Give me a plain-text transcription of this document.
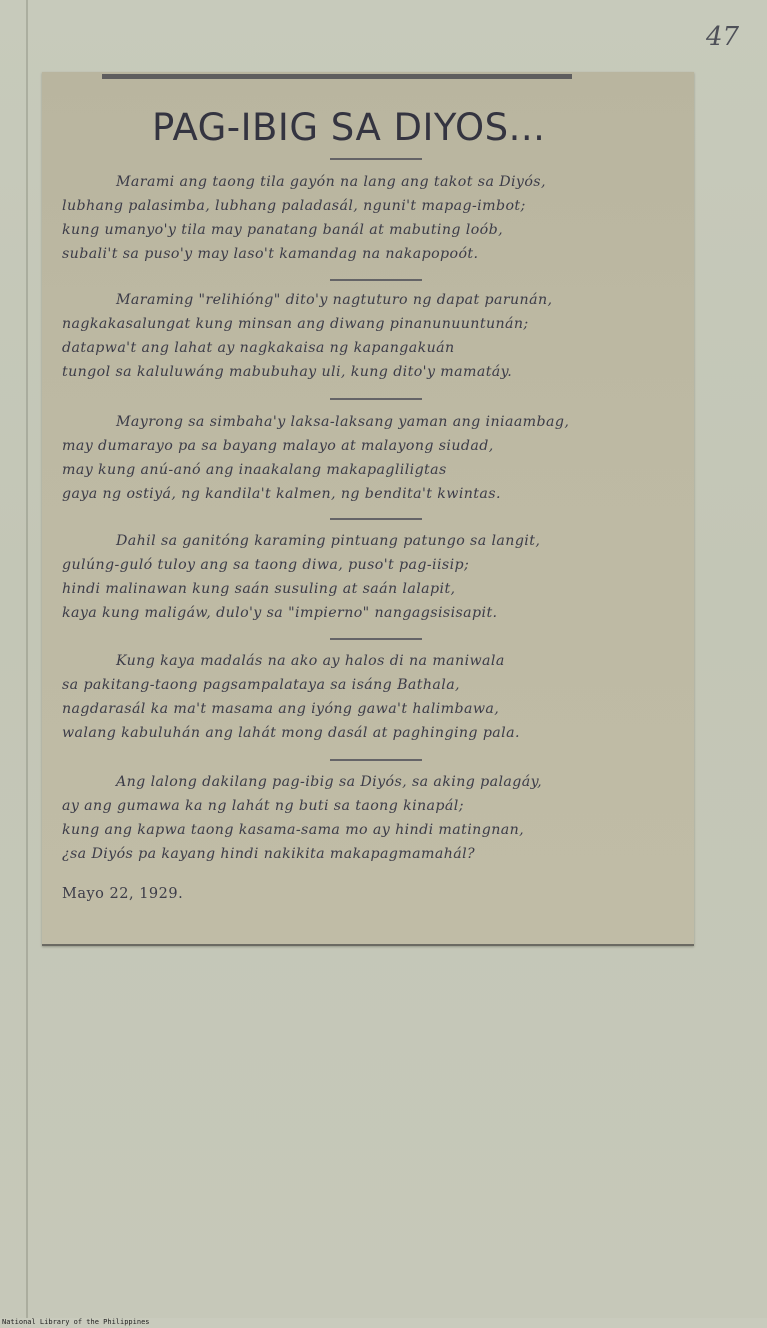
47
PAG-IBIG SA DIYOS...
Marami ang taong tila gayón na lang ang takot sa Diyós,
lubhang palasimba, lubhang paladasál, nguni't mapag-imbot;
kung umanyo'y tila may panatang banál at mabuting loób,
subali't sa puso'y may laso't kamandag na nakapopoót.
Maraming "relihióng" dito'y nagtuturo ng dapat parunán,
nagkakasalungat kung minsan ang diwang pinanunuuntunán;
datapwa't ang lahat ay nagkakaisa ng kapangakuán
tungol sa kaluluwáng mabubuhay uli, kung dito'y mamatáy.
Mayrong sa simbaha'y laksa-laksang yaman ang iniaambag,
may dumarayo pa sa bayang malayo at malayong siudad,
may kung anú-anó ang inaakalang makapagliligtas
gaya ng ostiyá, ng kandila't kalmen, ng bendita't kwintas.
Dahil sa ganitóng karaming pintuang patungo sa langit,
gulúng-guló tuloy ang sa taong diwa, puso't pag-iisip;
hindi malinawan kung saán susuling at saán lalapit,
kaya kung maligáw, dulo'y sa "impierno" nangagsisisapit.
Kung kaya madalás na ako ay halos di na maniwala
sa pakitang-taong pagsampalataya sa isáng Bathala,
nagdarasál ka ma't masama ang iyóng gawa't halimbawa,
walang kabuluhán ang lahát mong dasál at paghinging pala.
Ang lalong dakilang pag-ibig sa Diyós, sa aking palagáy,
ay ang gumawa ka ng lahát ng buti sa taong kinapál;
kung ang kapwa taong kasama-sama mo ay hindi matingnan,
¿sa Diyós pa kayang hindi nakikita makapagmamahál?
Mayo 22, 1929.
National Library of the Philippines
